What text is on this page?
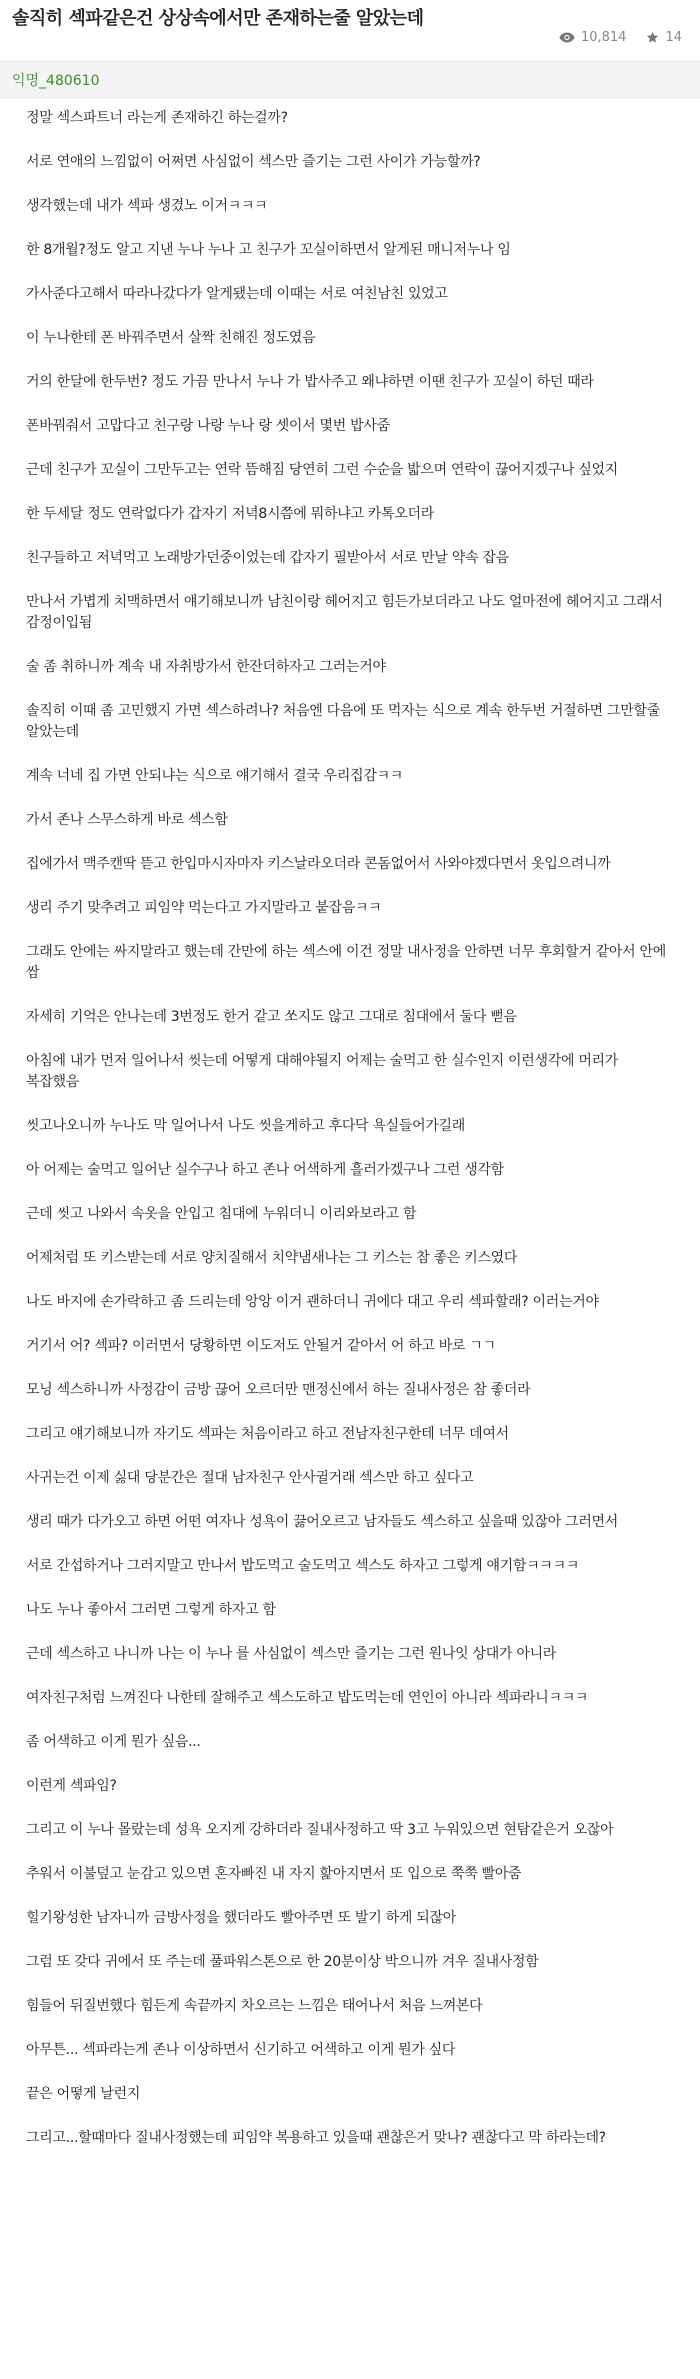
솔직히 섹파같은건 상상속에서만 존재하는줄 알았는데
10,814	14
익명_480610

정말 섹스파트너 라는게 존재하긴 하는걸까?

서로 연애의 느낌없이 어쩌면 사심없이 섹스만 즐기는 그런 사이가 가능할까?

생각했는데 내가 섹파 생겼노 이거ㅋㅋㅋ

한 8개월?정도 알고 지낸 누나 누나 고 친구가 꼬실이하면서 알게된 매니저누나 임

가사준다고해서 따라나갔다가 알게됐는데 이때는 서로 여친남친 있었고

이 누나한테 폰 바꿔주면서 살짝 친해진 정도였음

거의 한달에 한두번? 정도 가끔 만나서 누나 가 밥사주고 왜냐하면 이땐 친구가 꼬실이 하던 때라

폰바꿔줘서 고맙다고 친구랑 나랑 누나 랑 셋이서 몇번 밥사줌

근데 친구가 꼬실이 그만두고는 연락 뜸해짐 당연히 그런 수순을 밟으며 연락이 끊어지겠구나 싶었지

한 두세달 정도 연락없다가 갑자기 저녁8시쯤에 뭐하냐고 카톡오더라

친구들하고 저녁먹고 노래방가던중이었는데 갑자기 필받아서 서로 만날 약속 잡음

만나서 가볍게 치맥하면서 얘기해보니까 남친이랑 헤어지고 힘든가보더라고 나도 얼마전에 헤어지고 그래서 감정이입됨

술 좀 취하니까 계속 내 자취방가서 한잔더하자고 그러는거야

솔직히 이때 좀 고민했지 가면 섹스하려나? 처음엔 다음에 또 먹자는 식으로 계속 한두번 거절하면 그만할줄 알았는데

계속 너네 집 가면 안되냐는 식으로 얘기해서 결국 우리집감ㅋㅋ

가서 존나 스무스하게 바로 섹스함

집에가서 맥주캔딱 뜯고 한입마시자마자 키스날라오더라 콘돔없어서 사와야겠다면서 옷입으려니까

생리 주기 맞추려고 피임약 먹는다고 가지말라고 붙잡음ㅋㅋ

그래도 안에는 싸지말라고 했는데 간만에 하는 섹스에 이건 정말 내사정을 안하면 너무 후회할거 같아서 안에 쌈

자세히 기억은 안나는데 3번정도 한거 같고 쏘지도 않고 그대로 침대에서 둘다 뻗음

아침에 내가 먼저 일어나서 씻는데 어떻게 대해야될지 어제는 술먹고 한 실수인지 이런생각에 머리가 복잡했음

씻고나오니까 누나도 막 일어나서 나도 씻을게하고 후다닥 욕실들어가길래

아 어제는 술먹고 일어난 실수구나 하고 존나 어색하게 흘러가겠구나 그런 생각함

근데 씻고 나와서 속옷을 안입고 침대에 누워더니 이리와보라고 함

어제처럼 또 키스받는데 서로 양치질해서 치약냄새나는 그 키스는 참 좋은 키스였다

나도 바지에 손가락하고 좀 드리는데 앙앙 이거 괜하더니 귀에다 대고 우리 섹파할래? 이러는거야

거기서 어? 섹파? 이러면서 당황하면 이도저도 안될거 같아서 어 하고 바로 ㄱㄱ

모닝 섹스하니까 사정감이 금방 끊어 오르더만 맨정신에서 하는 질내사정은 참 좋더라

그리고 얘기해보니까 자기도 섹파는 처음이라고 하고 전남자친구한테 너무 데여서

사귀는건 이제 싫대 당분간은 절대 남자친구 안사귈거래 섹스만 하고 싶다고

생리 때가 다가오고 하면 어떤 여자나 성욕이 끓어오르고 남자들도 섹스하고 싶을때 있잖아 그러면서

서로 간섭하거나 그러지말고 만나서 밥도먹고 술도먹고 섹스도 하자고 그렇게 얘기함ㅋㅋㅋㅋ

나도 누나 좋아서 그러면 그렇게 하자고 함

근데 섹스하고 나니까 나는 이 누나 를 사심없이 섹스만 즐기는 그런 원나잇 상대가 아니라

여자친구처럼 느껴진다 나한테 잘해주고 섹스도하고 밥도먹는데 연인이 아니라 섹파라니ㅋㅋㅋ

좀 어색하고 이게 뭔가 싶음...

이런게 섹파임?

그리고 이 누나 몰랐는데 성욕 오지게 강하더라 질내사정하고 딱 3고 누워있으면 현탐같은거 오잖아

추워서 이불덮고 눈감고 있으면 혼자빠진 내 자지 핥아지면서 또 입으로 쭉쭉 빨아줌

힐기왕성한 남자니까 금방사정을 했더라도 빨아주면 또 발기 하게 되잖아

그럼 또 갖다 귀에서 또 주는데 풀파워스톤으로 한 20분이상 박으니까 겨우 질내사정함

힘들어 뒤질번했다 힘든게 속끝까지 차오르는 느낌은 태어나서 처음 느껴본다

아무튼... 섹파라는게 존나 이상하면서 신기하고 어색하고 이게 뭔가 싶다

끝은 어떻게 날런지

그리고...할때마다 질내사정했는데 피임약 복용하고 있을때 괜찮은거 맞나? 괜찮다고 막 하라는데?
